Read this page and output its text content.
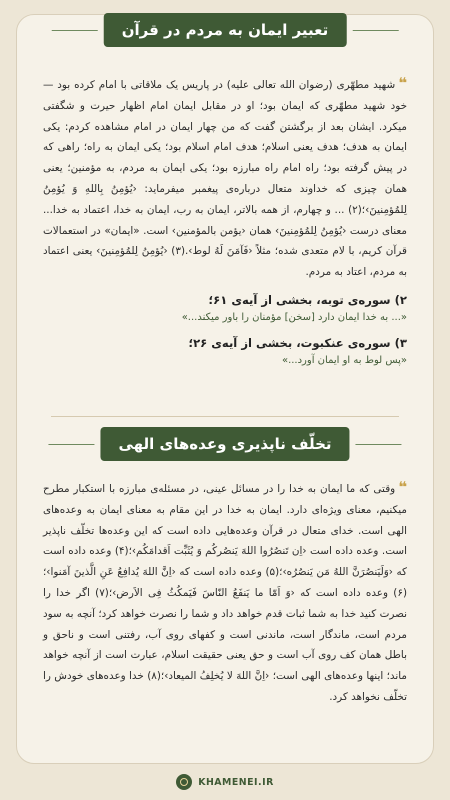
تعبیر ایمان به مردم در قرآن

❝شهید مطهّری (رضوان الله تعالی علیه) در پاریس یک ملاقاتی با امام کرده بود — خود شهید مطهّری که ایمان بود؛ او در مقابل ایمان امام اظهار حیرت و شگفتی میکرد. ایشان بعد از برگشتن گفت که من چهار ایمان در امام مشاهده کردم: یکی ایمان به هدف؛ هدف یعنی اسلام؛ هدف امام اسلام بود؛ یکی ایمان به راه؛ راهی که در پیش گرفته بود؛ راه امام راه مبارزه بود؛ یکی ایمان به مردم، به مؤمنین؛ یعنی همان چیزی که خداوند متعال درباره‌ی پیغمبر میفرماید: ‹یُؤمِنُ بِاللهِ وَ یُؤمِنُ لِلمُؤمِنینَ›؛(۲) ... و چهارم، از همه بالاتر، ایمان به رب، ایمان به خدا، اعتماد به خدا... معنای درست ‹یُؤمِنُ لِلمُؤمِنینَ› همان ‹یؤمن بالمؤمنین› است. «ایمان» در استعمالات قرآن کریم، با لام متعدی شده؛ مثلاً ‹فَآمَنَ لَهُ لوط›.(۳) ‹یُؤمِنُ لِلمُؤمِنینَ› یعنی اعتماد به مردم، اعتاد به مردم.

۲) سوره‌ی توبه، بخشی از آیه‌ی ۶۱؛
«... به خدا ایمان دارد [سخن] مؤمنان را باور میکند...»
۳) سوره‌ی عنکبوت، بخشی از آیه‌ی ۲۶؛
«پس لوط به او ایمان آورد...»
تخلّف ناپذیری وعده‌های الهی

❝وقتی که ما ایمان به خدا را در مسائل عینی، در مسئله‌ی مبارزه با استکبار مطرح میکنیم، معنای ویژه‌ای دارد. ایمان به خدا در این مقام به معنای ایمان به وعده‌های الهی است. خدای متعال در قرآن وعده‌هایی داده است که این وعده‌ها تخلّف ناپذیر است. وعده داده است ‹اِن تَنصُرُوا اللهَ یَنصُرکُم وَ یُثَبِّت اَقدامَکُم›؛(۴) وعده داده است که ‹وَلَیَنصُرَنَّ اللهُ مَن یَنصُرُه›؛(۵) وعده داده است که ‹اِنَّ اللهَ یُدافِعُ عَنِ الَّذینَ آمَنوا›؛(۶) وعده داده است که ‹وَ اَمّا ما یَنفَعُ النّاسَ فَیَمکُثُ فِی الاَرض›؛(۷) اگر خدا را نصرت کنید خدا به شما ثبات قدم خواهد داد و شما را نصرت خواهد کرد؛ آنچه به سود مردم است، ماندگار است، ماندنی است و کفهای روی آب، رفتنی است و ناحق و باطل همان کف روی آب است و حق یعنی حقیقت اسلام، عبارت است از آنچه خواهد ماند؛ اینها وعده‌های الهی است؛ ‹اِنَّ اللهَ لا یُخلِفُ المیعاد›؛(۸) خدا وعده‌های خودش را تخلّف نخواهد کرد.

KHAMENEI.IR
